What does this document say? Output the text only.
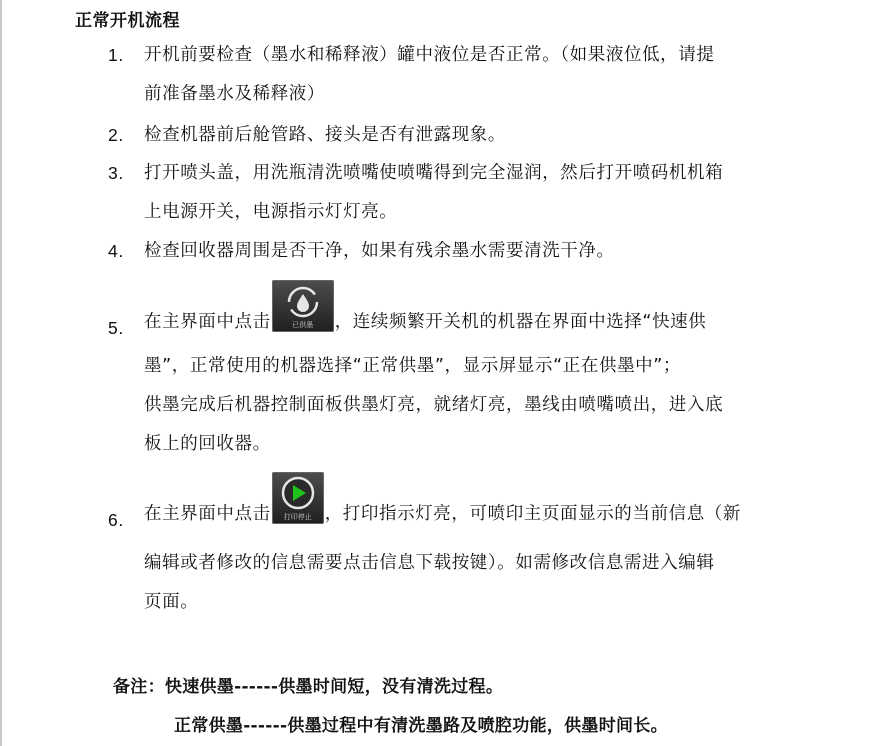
正常开机流程
1.	开机前要检查（墨水和稀释液）罐中液位是否正常。（如果液位低，请提
前准备墨水及稀释液）
2.	检查机器前后舱管路、接头是否有泄露现象。
3.	打开喷头盖，用洗瓶清洗喷嘴使喷嘴得到完全湿润，然后打开喷码机机箱
上电源开关，电源指示灯灯亮。
4.	检查回收器周围是否干净，如果有残余墨水需要清洗干净。
5.	在主界面中点击	已供墨	，连续频繁开关机的机器在界面中选择“快速供
墨”，正常使用的机器选择“正常供墨”，显示屏显示“正在供墨中”；
供墨完成后机器控制面板供墨灯亮，就绪灯亮，墨线由喷嘴喷出，进入底
板上的回收器。
6.	在主界面中点击	打印停止 ，打印指示灯亮，可喷印主页面显示的当前信息（新
编辑或者修改的信息需要点击信息下载按键）。如需修改信息需进入编辑
页面。
备注：快速供墨------供墨时间短，没有清洗过程。
正常供墨------供墨过程中有清洗墨路及喷腔功能，供墨时间长。
